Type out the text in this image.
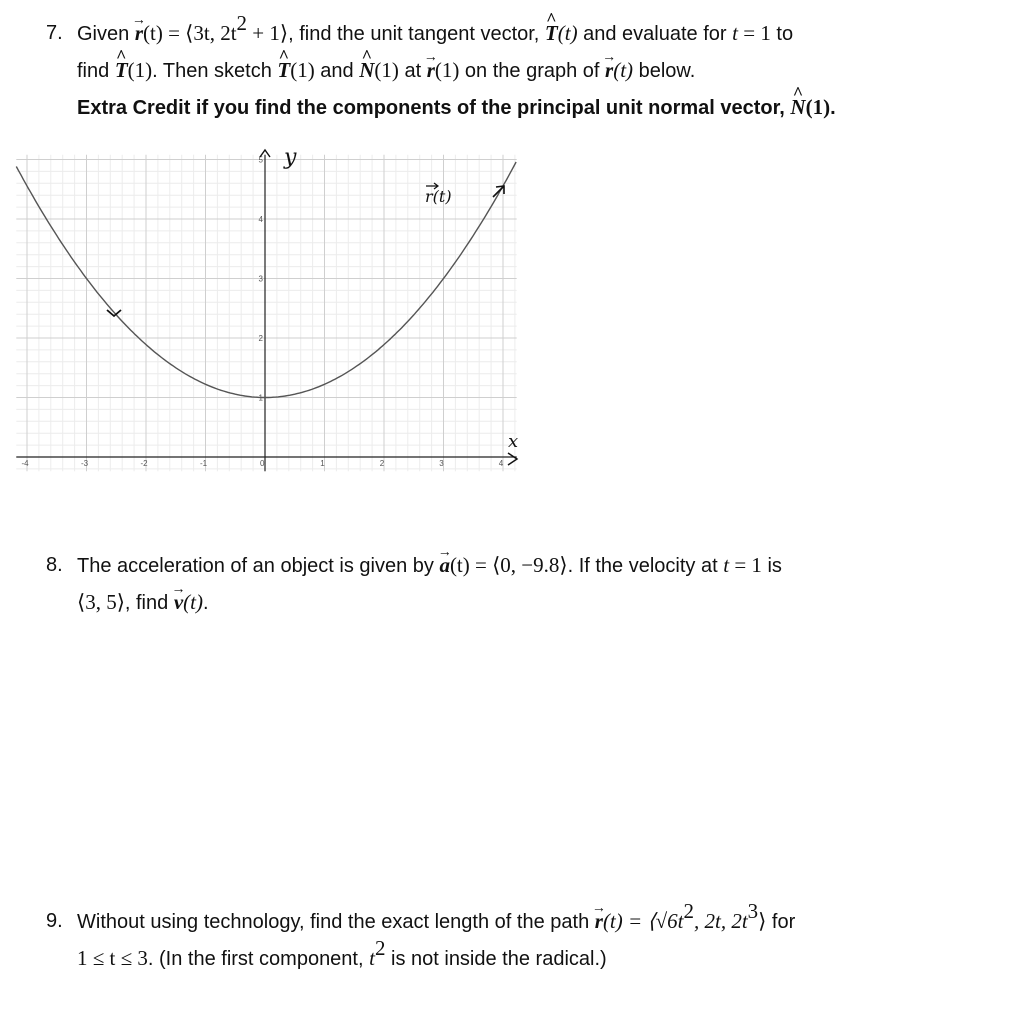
7. Given → r(t) = ⟨3t, $2t^2$ + 1⟩, find the unit tangent vector, ^ T(t) and evaluate for t = 1 to
find ^ T(1). Then sketch ^ T(1) and ^ N(1) at → r(1) on the graph of → r(t) below.
Extra Credit if you find the components of the principal unit normal vector, ^ N(1).
-4	-3	-2	-1	0	1	2	3	4
1
2
3
4
5 y
x
r(t)
8. The acceleration of an object is given by → a(t) = ⟨0, −9.8⟩. If the velocity at t = 1 is
⟨3, 5⟩, find → v(t).
9. Without using technology, find the exact length of the path → $r(t) = ⟨√6t^2$, 2t, $2t^3⟩$ for
1 ≤ t ≤ 3. (In the first component, $t^2$ is not inside the radical.)
